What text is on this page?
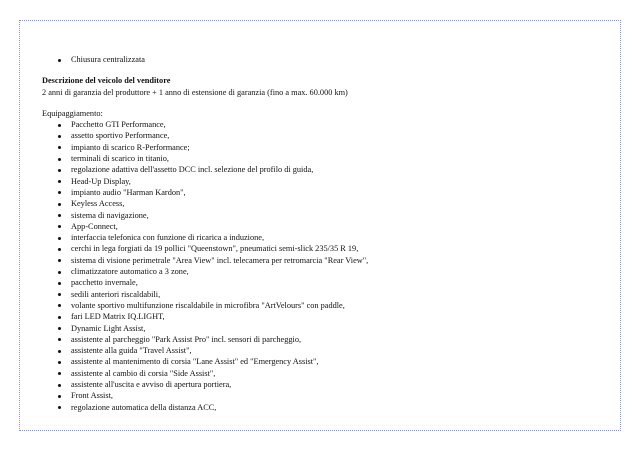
Chiusura centralizzata
Descrizione del veicolo del venditore
2 anni di garanzia del produttore + 1 anno di estensione di garanzia (fino a max. 60.000 km)
Equipaggiamento:
Pacchetto GTI Performance,
assetto sportivo Performance,
impianto di scarico R-Performance;
terminali di scarico in titanio,
regolazione adattiva dell'assetto DCC incl. selezione del profilo di guida,
Head-Up Display,
impianto audio "Harman Kardon",
Keyless Access,
sistema di navigazione,
App-Connect,
interfaccia telefonica con funzione di ricarica a induzione,
cerchi in lega forgiati da 19 pollici "Queenstown", pneumatici semi-slick 235/35 R 19,
sistema di visione perimetrale "Area View" incl. telecamera per retromarcia "Rear View",
climatizzatore automatico a 3 zone,
pacchetto invernale,
sedili anteriori riscaldabili,
volante sportivo multifunzione riscaldabile in microfibra "ArtVelours" con paddle,
fari LED Matrix IQ.LIGHT,
Dynamic Light Assist,
assistente al parcheggio "Park Assist Pro" incl. sensori di parcheggio,
assistente alla guida "Travel Assist",
assistente al mantenimento di corsia "Lane Assist" ed "Emergency Assist",
assistente al cambio di corsia "Side Assist",
assistente all'uscita e avviso di apertura portiera,
Front Assist,
regolazione automatica della distanza ACC,
